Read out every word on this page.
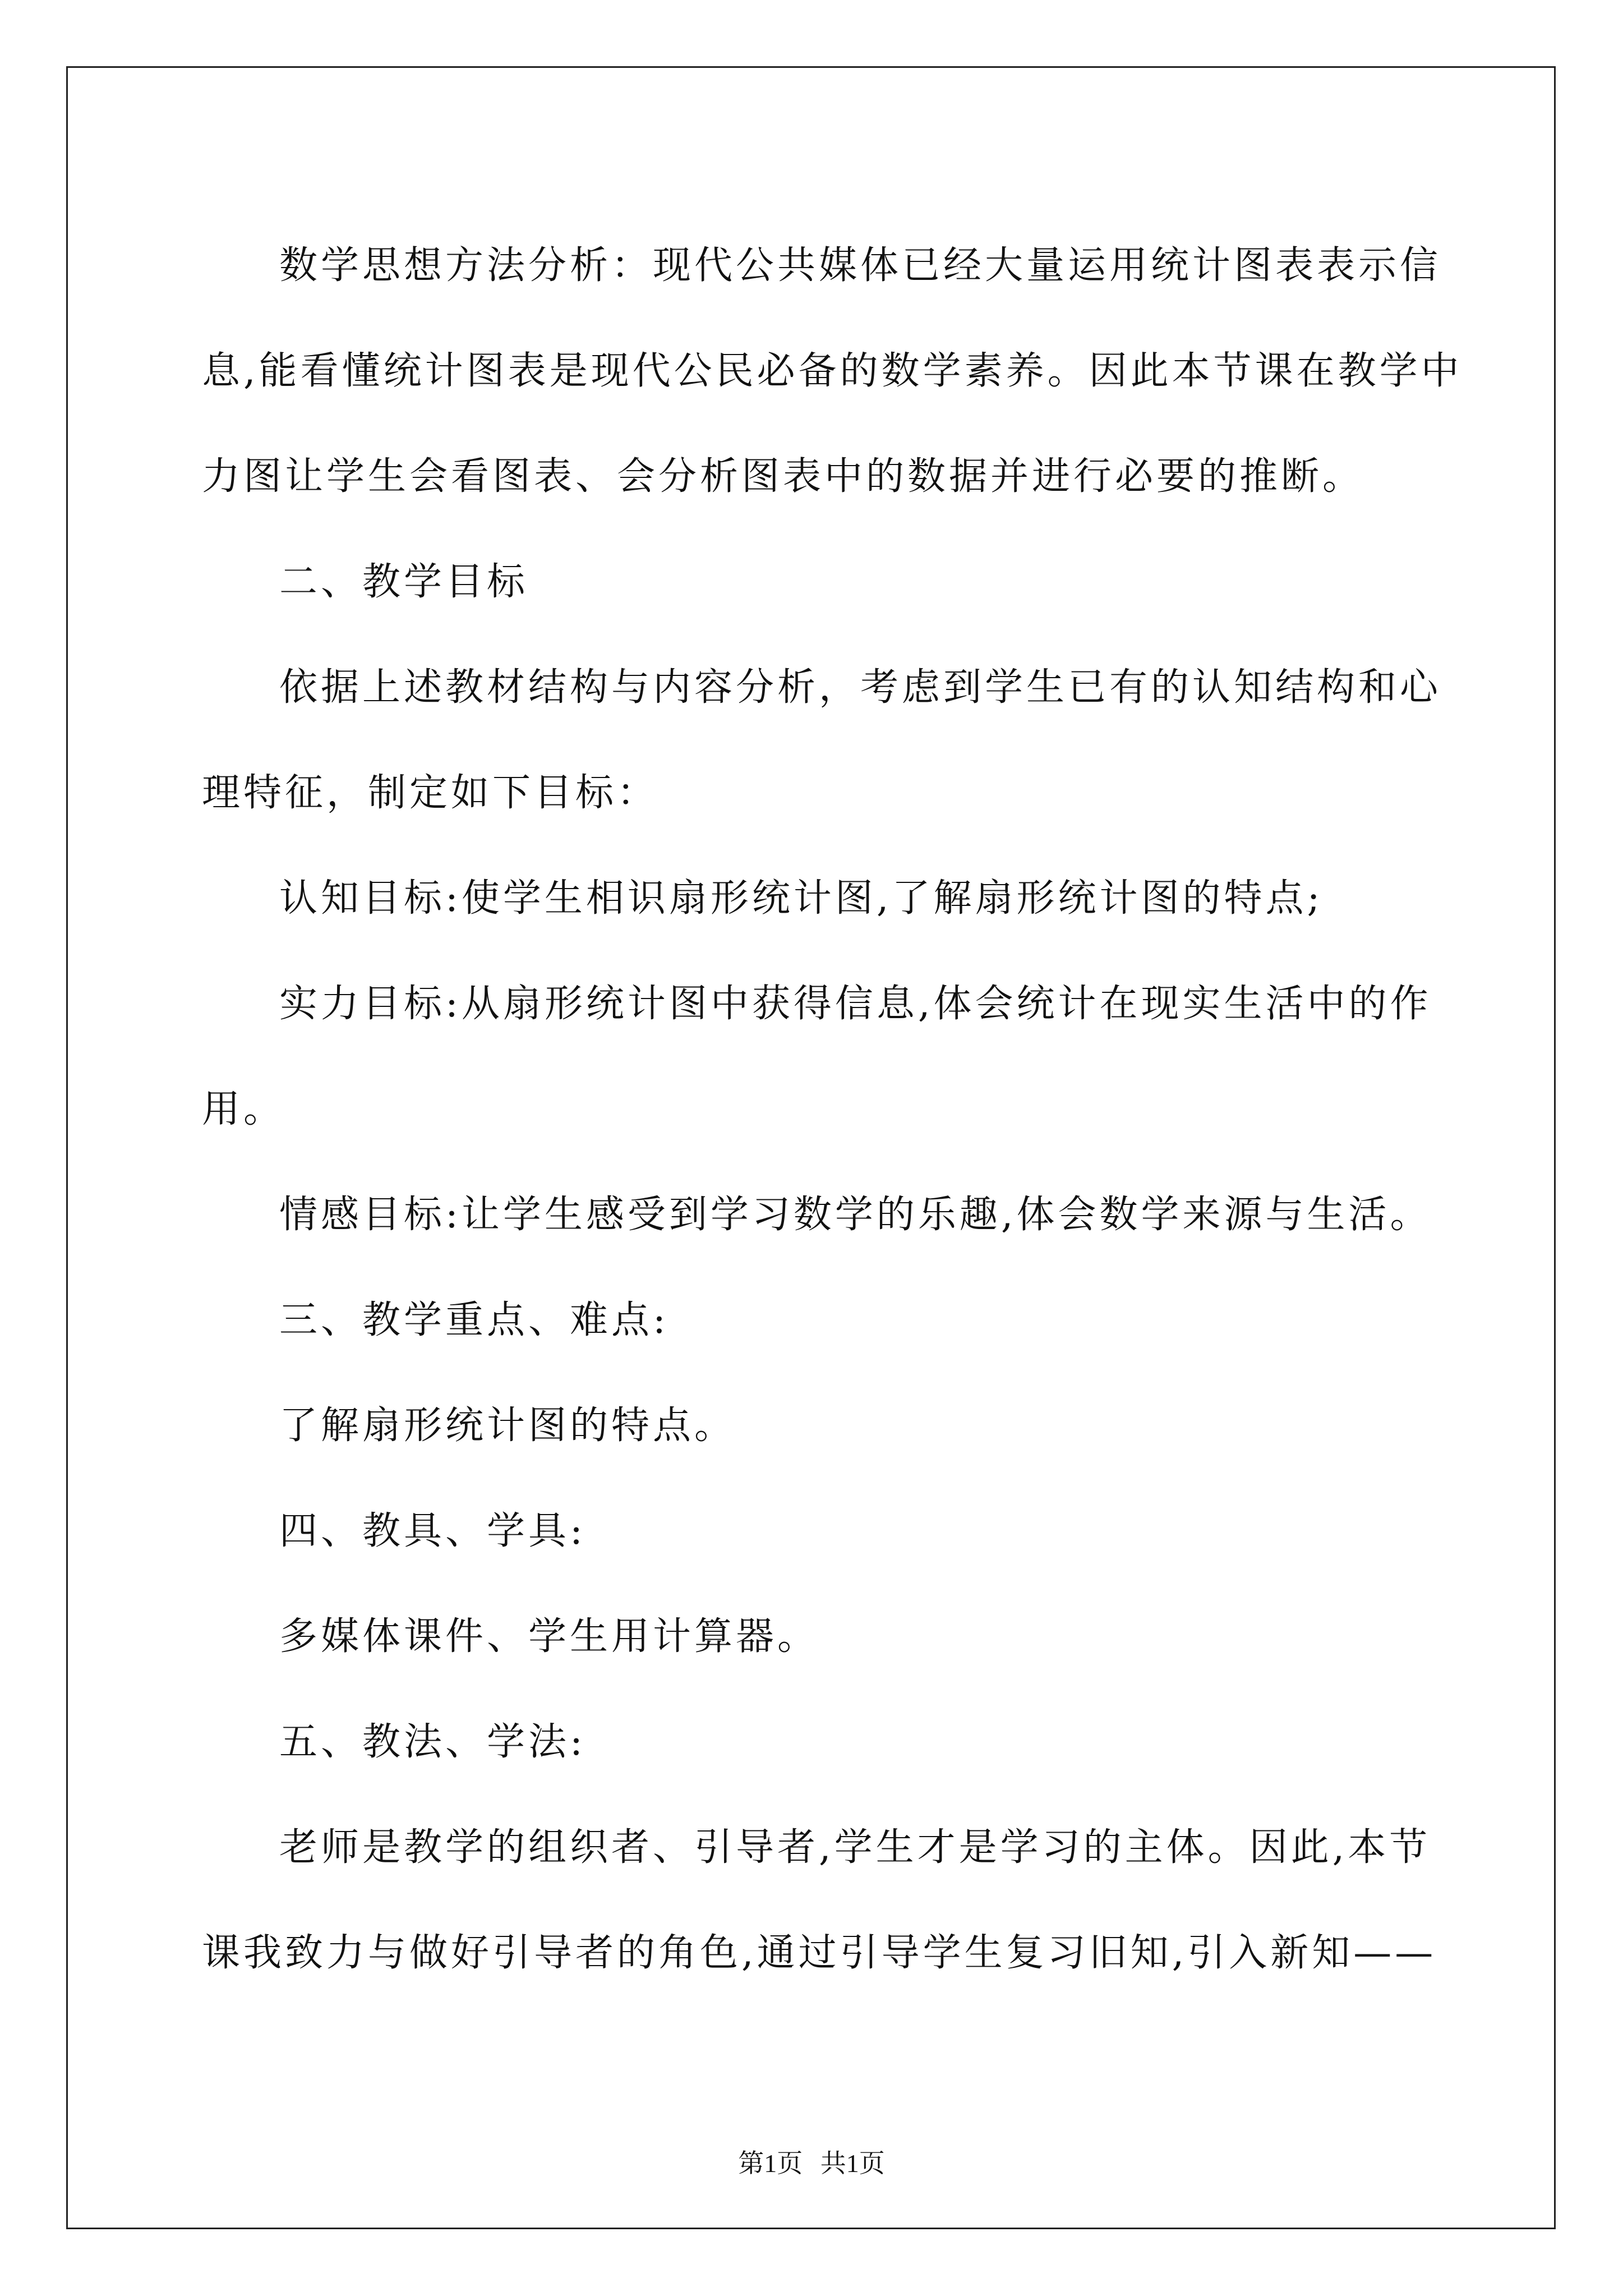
数学思想方法分析：现代公共媒体已经大量运用统计图表表示信

息,能看懂统计图表是现代公民必备的数学素养。因此本节课在教学中

力图让学生会看图表、会分析图表中的数据并进行必要的推断。

二、教学目标

依据上述教材结构与内容分析，考虑到学生已有的认知结构和心

理特征，制定如下目标：

认知目标:使学生相识扇形统计图,了解扇形统计图的特点;

实力目标:从扇形统计图中获得信息,体会统计在现实生活中的作

用。

情感目标:让学生感受到学习数学的乐趣,体会数学来源与生活。

三、教学重点、难点:

了解扇形统计图的特点。

四、教具、学具:

多媒体课件、学生用计算器。

五、教法、学法:

老师是教学的组织者、引导者,学生才是学习的主体。因此,本节

课我致力与做好引导者的角色,通过引导学生复习旧知,引入新知——

第1页 共1页
